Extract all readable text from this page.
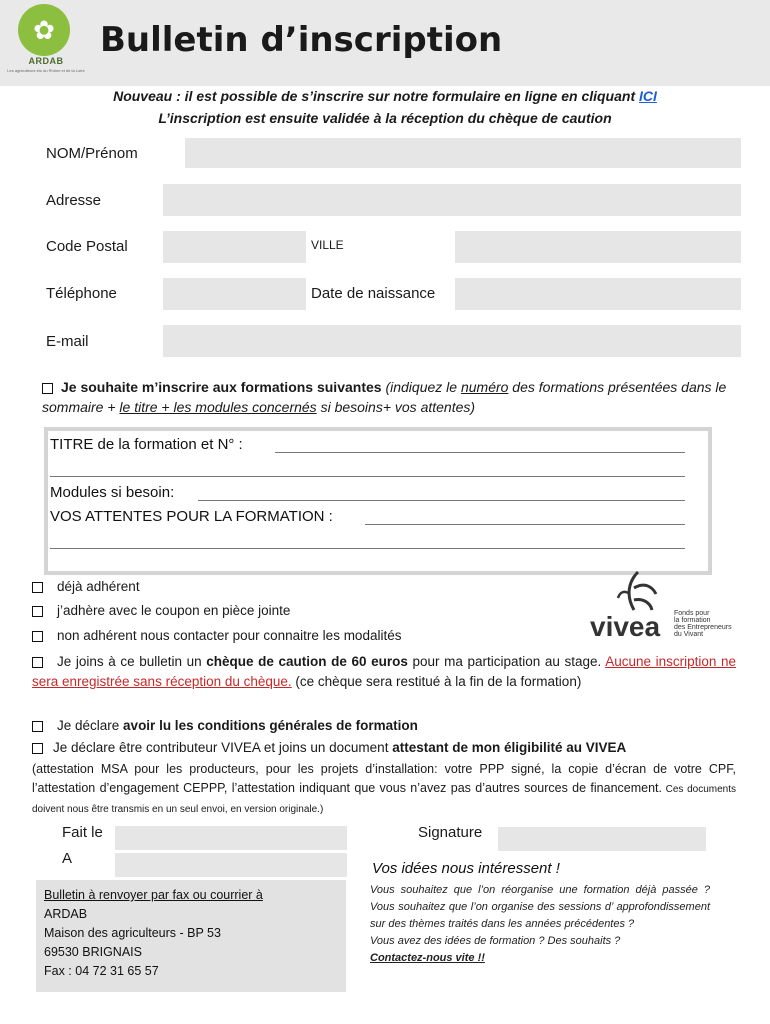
✿
ARDAB
Les agriculteurs bio du Rhône et de la Loire
Bulletin d’inscription
Nouveau : il est possible de s’inscrire sur notre formulaire en ligne en cliquant ICI
L’inscription est ensuite validée à la réception du chèque de caution
NOM/Prénom
Adresse
Code Postal	VILLE
Téléphone	Date de naissance
E-mail
Je souhaite m’inscrire aux formations suivantes (indiquez le numéro des formations présentées dans le sommaire + le titre + les modules concernés si besoins+ vos attentes)
TITRE de la formation et N° :
Modules si besoin:
VOS ATTENTES POUR LA FORMATION :
déjà adhérent
j’adhère avec le coupon en pièce jointe
non adhérent nous contacter pour connaitre les modalités	vivea Fonds pour
la formation
des Entrepreneurs
du Vivant
Je joins à ce bulletin un chèque de caution de 60 euros pour ma participation au stage. Aucune inscription ne sera enregistrée sans réception du chèque. (ce chèque sera restitué à la fin de la formation)
Je déclare avoir lu les conditions générales de formation
Je déclare être contributeur VIVEA et joins un document attestant de mon éligibilité au VIVEA
(attestation MSA pour les producteurs, pour les projets d’installation: votre PPP signé, la copie d’écran de votre CPF, l’attestation d’engagement CEPPP, l’attestation indiquant que vous n’avez pas d’autres sources de financement. Ces documents doivent nous être transmis en un seul envoi, en version originale.)
Fait le
A
Signature
Bulletin à renvoyer par fax ou courrier à
ARDAB
Maison des agriculteurs - BP 53
69530 BRIGNAIS
Fax : 04 72 31 65 57
Vos idées nous intéressent !
Vous souhaitez que l’on réorganise une formation déjà passée ? Vous souhaitez que l’on organise des sessions d’ approfondissement sur des thèmes traités dans les années précédentes ?
Vous avez des idées de formation ? Des souhaits ?
Contactez-nous vite !!
